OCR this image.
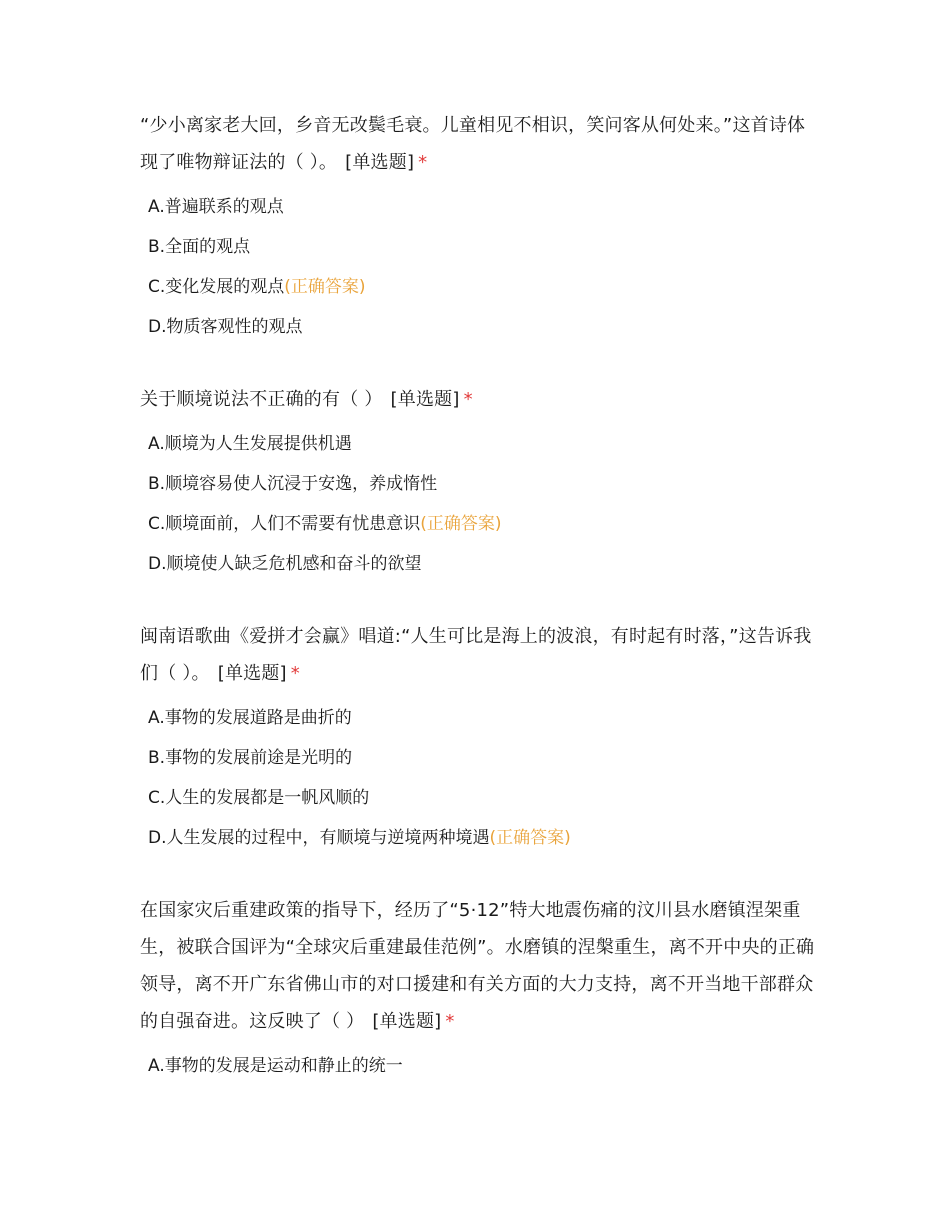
“少小离家老大回，乡音无改鬓毛衰。儿童相见不相识，笑问客从何处来。”这首诗体现了唯物辩证法的（ ）。 [单选题] *

A.普遍联系的观点
B.全面的观点
C.变化发展的观点(正确答案)
D.物质客观性的观点

关于顺境说法不正确的有（ ） [单选题] *

A.顺境为人生发展提供机遇
B.顺境容易使人沉浸于安逸，养成惰性
C.顺境面前，人们不需要有忧患意识(正确答案)
D.顺境使人缺乏危机感和奋斗的欲望

闽南语歌曲《爱拼才会赢》唱道:“人生可比是海上的波浪，有时起有时落，”这告诉我们（ ）。 [单选题] *

A.事物的发展道路是曲折的
B.事物的发展前途是光明的
C.人生的发展都是一帆风顺的
D.人生发展的过程中，有顺境与逆境两种境遇(正确答案)

在国家灾后重建政策的指导下，经历了“5·12”特大地震伤痛的汶川县水磨镇涅架重生，被联合国评为“全球灾后重建最佳范例”。水磨镇的涅槃重生，离不开中央的正确领导，离不开广东省佛山市的对口援建和有关方面的大力支持，离不开当地干部群众的自强奋进。这反映了（ ） [单选题] *

A.事物的发展是运动和静止的统一
